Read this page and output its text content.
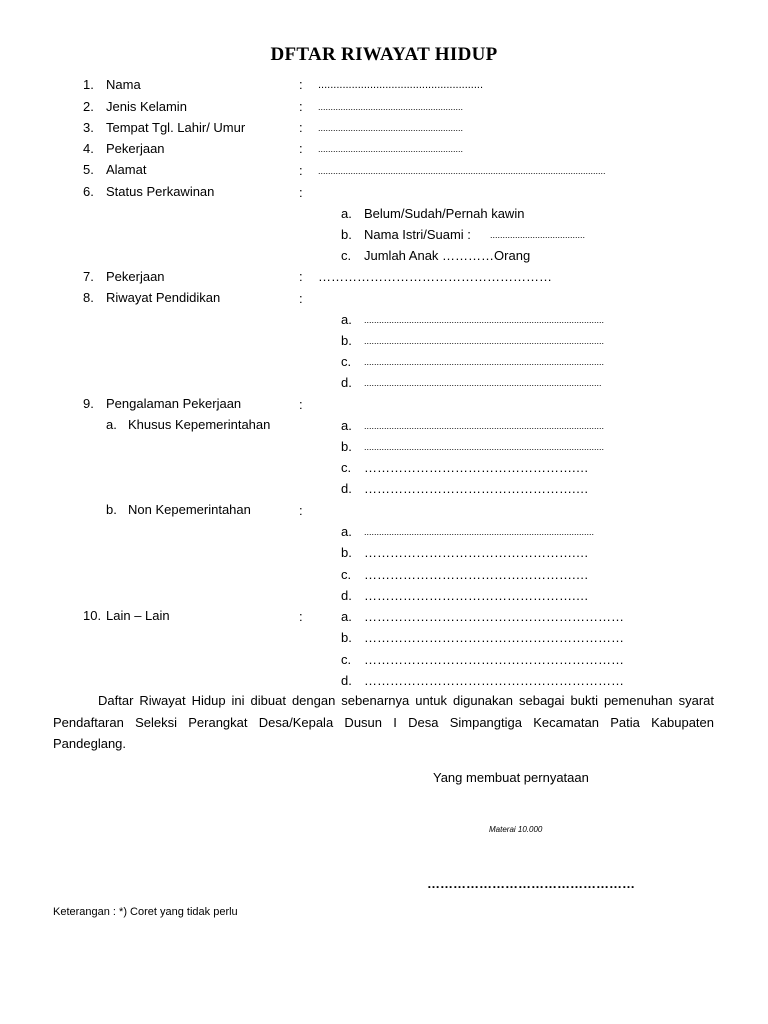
DFTAR RIWAYAT HIDUP
1. Nama	: ......................................................
2. Jenis Kelamin	: ..........................................................
3. Tempat Tgl. Lahir/ Umur	: ..........................................................
4. Pekerjaan	: ..........................................................
5. Alamat	: ...................................................................................................................
6. Status Perkawinan	:
a. Belum/Sudah/Pernah kawin
b. Nama Istri/Suami : ......................................
c. Jumlah Anak …………Orang
7. Pekerjaan	: ………………………………………………
8. Riwayat Pendidikan	:
a. ................................................................................................
b. ................................................................................................
c. ................................................................................................
d. ...............................................................................................
9. Pengalaman Pekerjaan	:
a. Khusus Kepemerintahan	a. ................................................................................................
b. ................................................................................................
c. ………………………………………….…
d. ………………………………………….…
b. Non Kepemerintahan	:
a. ............................................................................................
b. ………………………………………….…
c. ………………………………………….…
d. ………………………………………….…
10. Lain – Lain	:	a. ……………………………………………………
b. ……………………………………………………
c. ……………………………………………………
d. ……………………………………………………
Daftar Riwayat Hidup ini dibuat dengan sebenarnya untuk digunakan sebagai bukti pemenuhan syarat Pendaftaran Seleksi Perangkat Desa/Kepala Dusun I Desa Simpangtiga Kecamatan Patia Kabupaten Pandeglang.
Yang membuat pernyataan
Materai 10.000
…………………………………………
Keterangan : *) Coret yang tidak perlu
